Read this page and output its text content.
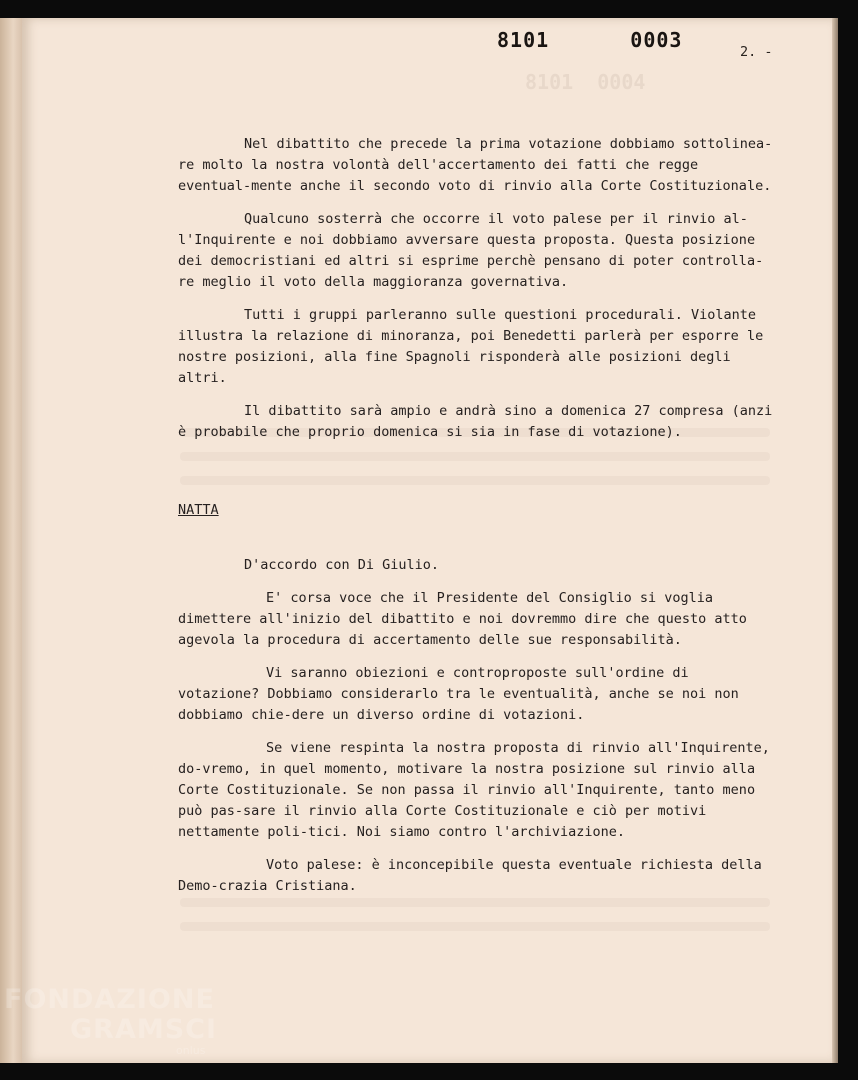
8101  0004
8101   0003	2. -

Nel dibattito che precede la prima votazione dobbiamo sottolinea-re molto la nostra volontà dell'accertamento dei fatti che regge eventual-mente anche il secondo voto di rinvio alla Corte Costituzionale.

Qualcuno sosterrà che occorre il voto palese per il rinvio al-l'Inquirente e noi dobbiamo avversare questa proposta. Questa posizione dei democristiani ed altri si esprime perchè pensano di poter controlla-re meglio il voto della maggioranza governativa.

Tutti i gruppi parleranno sulle questioni procedurali. Violante illustra la relazione di minoranza, poi Benedetti parlerà per esporre le nostre posizioni, alla fine Spagnoli risponderà alle posizioni degli altri.

Il dibattito sarà ampio e andrà sino a domenica 27 compresa (anzi è probabile che proprio domenica si sia in fase di votazione).

NATTA

D'accordo con Di Giulio.

E' corsa voce che il Presidente del Consiglio si voglia dimettere all'inizio del dibattito e noi dovremmo dire che questo atto agevola la procedura di accertamento delle sue responsabilità.

Vi saranno obiezioni e controproposte sull'ordine di votazione? Dobbiamo considerarlo tra le eventualità, anche se noi non dobbiamo chie-dere un diverso ordine di votazioni.

Se viene respinta la nostra proposta di rinvio all'Inquirente, do-vremo, in quel momento, motivare la nostra posizione sul rinvio alla Corte Costituzionale. Se non passa il rinvio all'Inquirente, tanto meno può pas-sare il rinvio alla Corte Costituzionale e ciò per motivi nettamente poli-tici. Noi siamo contro l'archiviazione.

Voto palese: è inconcepibile questa eventuale richiesta della Demo-crazia Cristiana.

FONDAZIONE
GRAMSCI
onlus
